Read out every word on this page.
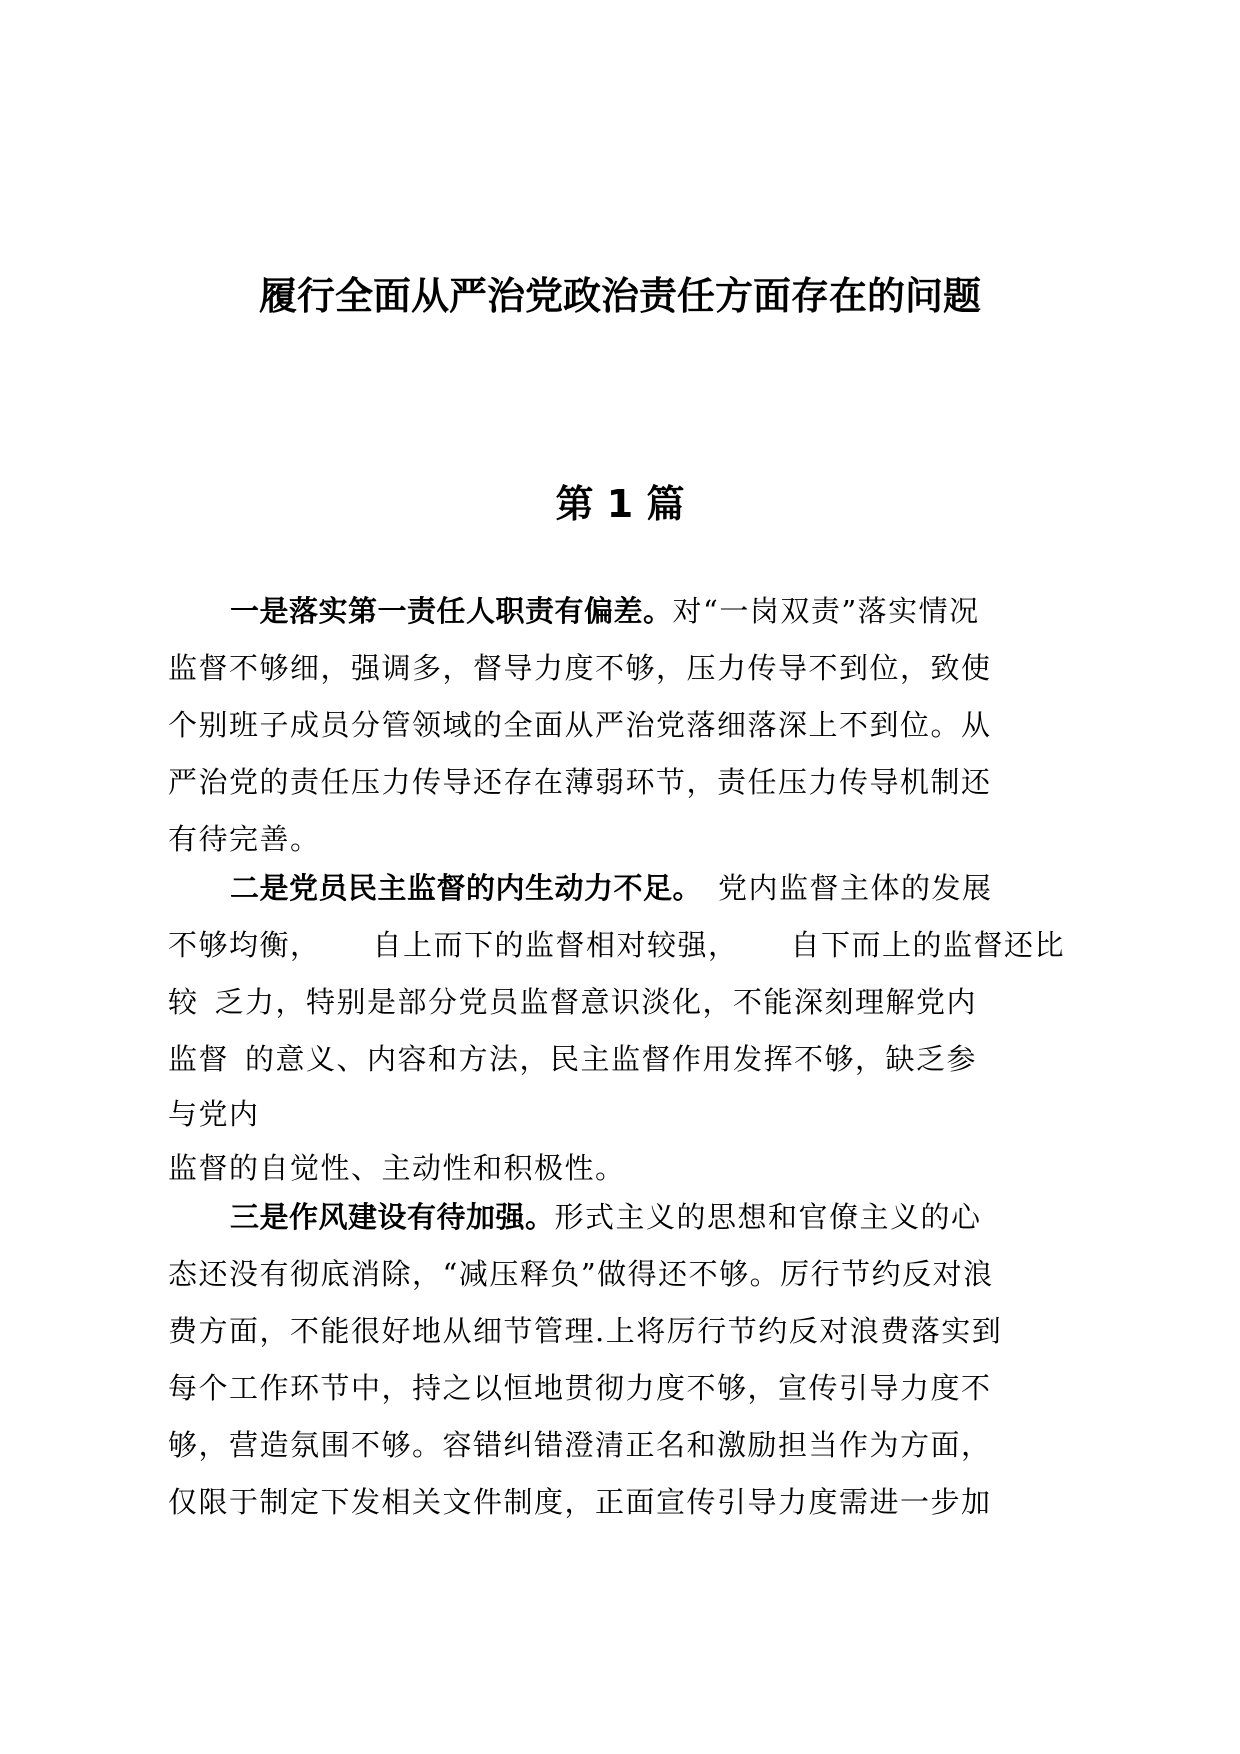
履行全面从严治党政治责任方面存在的问题
第 1 篇
一是落实第一责任人职责有偏差。对“一岗双责”落实情况
监督不够细，强调多，督导力度不够，压力传导不到位，致使
个别班子成员分管领域的全面从严治党落细落深上不到位。从
严治党的责任压力传导还存在薄弱环节，责任压力传导机制还
有待完善。
二是党员民主监督的内生动力不足。 党内监督主体的发展
不够均衡， 自上而下的监督相对较强， 自下而上的监督还比
较 乏力，特别是部分党员监督意识淡化，不能深刻理解党内
监督 的意义、内容和方法，民主监督作用发挥不够，缺乏参
与党内
监督的自觉性、主动性和积极性。
三是作风建设有待加强。形式主义的思想和官僚主义的心
态还没有彻底消除，“减压释负”做得还不够。厉行节约反对浪
费方面，不能很好地从细节管理.上将厉行节约反对浪费落实到
每个工作环节中，持之以恒地贯彻力度不够，宣传引导力度不
够，营造氛围不够。容错纠错澄清正名和激励担当作为方面，
仅限于制定下发相关文件制度，正面宣传引导力度需进一步加
